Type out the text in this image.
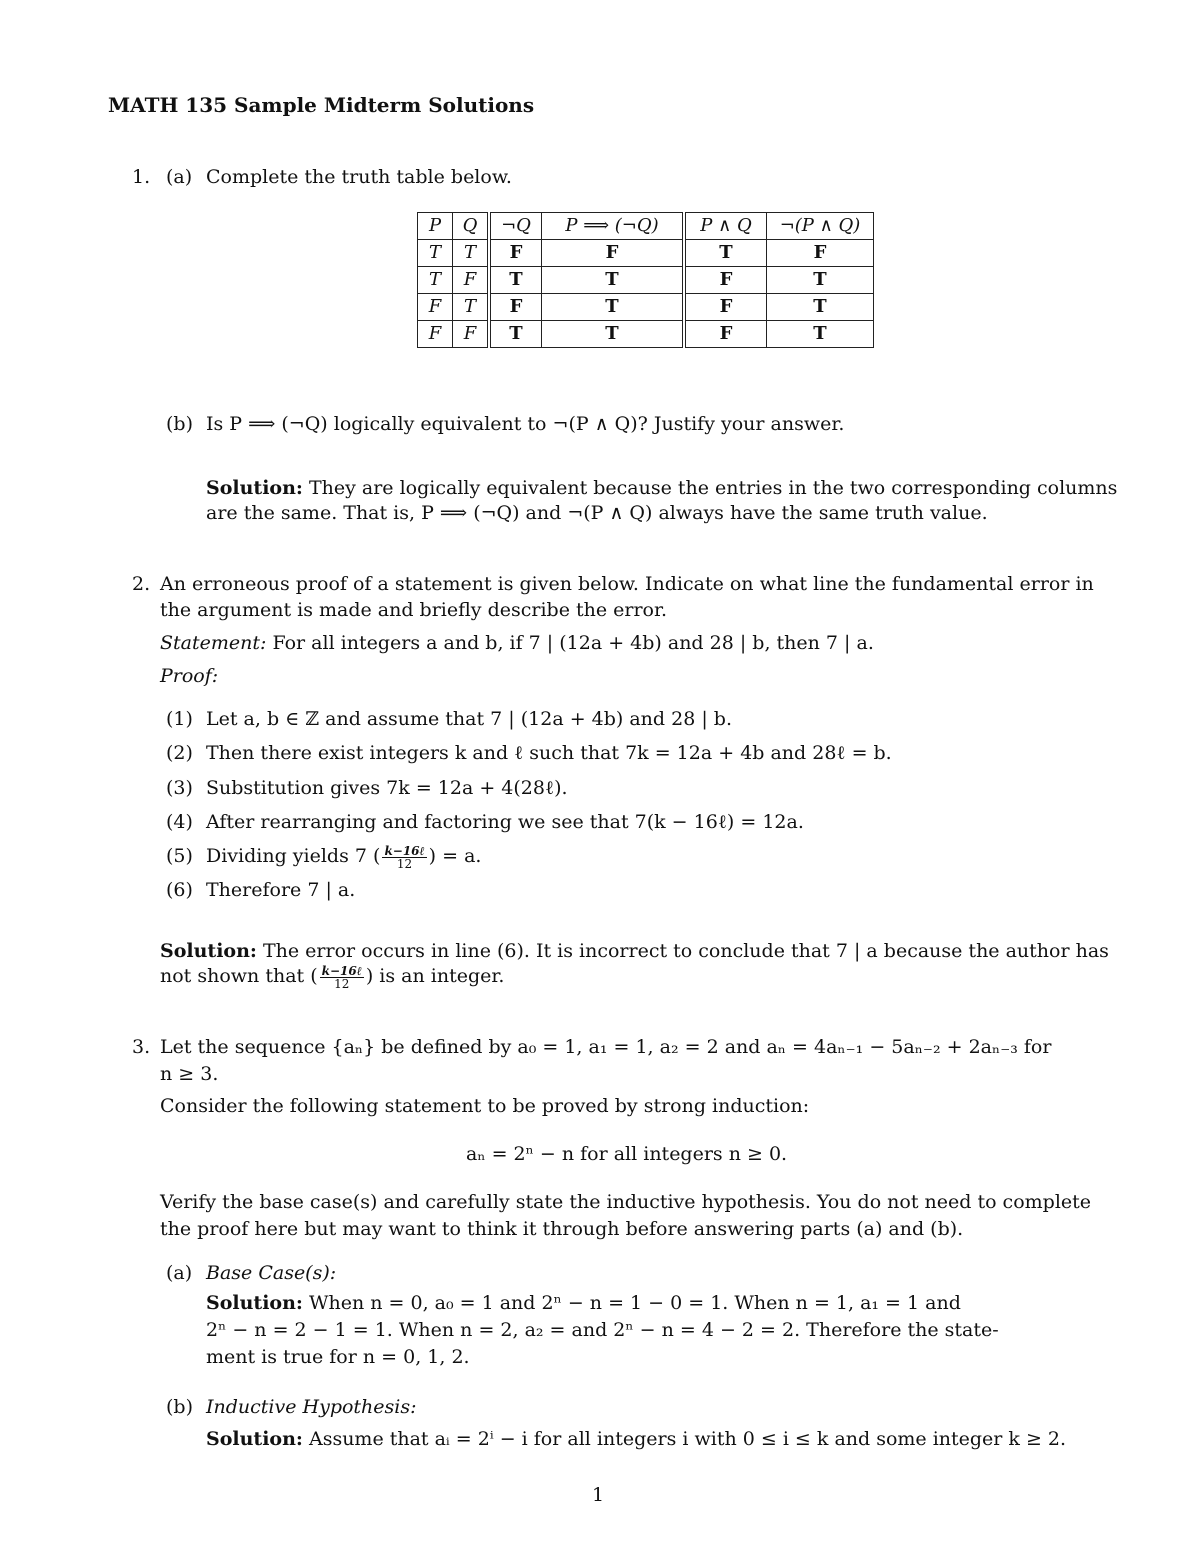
MATH 135 Sample Midterm Solutions
1. (a) Complete the truth table below.
P	Q	¬Q	P ⟹ (¬Q)	P ∧ Q	¬(P ∧ Q)
T	T	F	F	T	F
T	F	T	T	F	T
F	T	F	T	F	T
F	F	T	T	F	T
(b) Is P ⟹ (¬Q) logically equivalent to ¬(P ∧ Q)? Justify your answer.
Solution: They are logically equivalent because the entries in the two corresponding columns
are the same. That is, P ⟹ (¬Q) and ¬(P ∧ Q) always have the same truth value.
2. An erroneous proof of a statement is given below. Indicate on what line the fundamental error in
the argument is made and briefly describe the error.
Statement: For all integers a and b, if 7 | (12a + 4b) and 28 | b, then 7 | a.
Proof:
(1) Let a, b ∈ ℤ and assume that 7 | (12a + 4b) and 28 | b.
(2) Then there exist integers k and ℓ such that 7k = 12a + 4b and 28ℓ = b.
(3) Substitution gives 7k = 12a + 4(28ℓ).
(4) After rearranging and factoring we see that 7(k − 16ℓ) = 12a.
(5) Dividing yields 7 ( $\frac{\text{k−16ℓ}}{12}$ ) = a.
(6) Therefore 7 | a.
Solution: The error occurs in line (6). It is incorrect to conclude that 7 | a because the author has
not shown that ( $\frac{\text{k−16ℓ}}{12}$ ) is an integer.
3. Let the sequence {aₙ} be defined by a₀ = 1, a₁ = 1, a₂ = 2 and aₙ = 4aₙ₋₁ − 5aₙ₋₂ + 2aₙ₋₃ for
n ≥ 3.
Consider the following statement to be proved by strong induction:
aₙ = 2ⁿ − n for all integers n ≥ 0.
Verify the base case(s) and carefully state the inductive hypothesis. You do not need to complete
the proof here but may want to think it through before answering parts (a) and (b).
(a) Base Case(s):
Solution: When n = 0, a₀ = 1 and 2ⁿ − n = 1 − 0 = 1. When n = 1, a₁ = 1 and
2ⁿ − n = 2 − 1 = 1. When n = 2, a₂ = and 2ⁿ − n = 4 − 2 = 2. Therefore the state-
ment is true for n = 0, 1, 2.
(b) Inductive Hypothesis:
Solution: Assume that aᵢ = 2ⁱ − i for all integers i with 0 ≤ i ≤ k and some integer k ≥ 2.
1
